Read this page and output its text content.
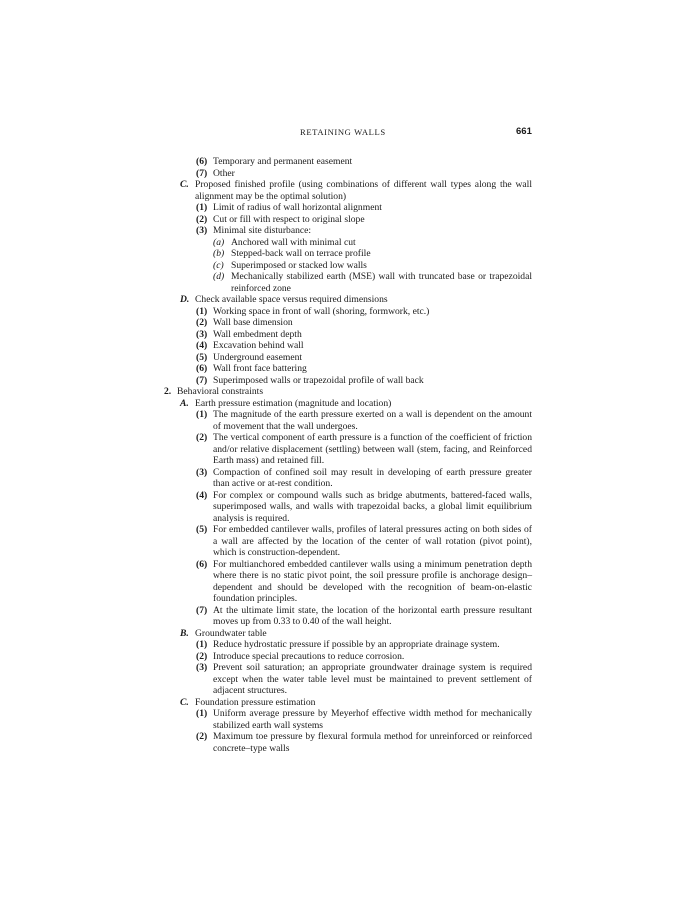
RETAINING WALLS	661
(6) Temporary and permanent easement
(7) Other
C. Proposed finished profile (using combinations of different wall types along the wall alignment may be the optimal solution)
(1) Limit of radius of wall horizontal alignment
(2) Cut or fill with respect to original slope
(3) Minimal site disturbance:
(a) Anchored wall with minimal cut
(b) Stepped-back wall on terrace profile
(c) Superimposed or stacked low walls
(d) Mechanically stabilized earth (MSE) wall with truncated base or trapezoidal reinforced zone
D. Check available space versus required dimensions
(1) Working space in front of wall (shoring, formwork, etc.)
(2) Wall base dimension
(3) Wall embedment depth
(4) Excavation behind wall
(5) Underground easement
(6) Wall front face battering
(7) Superimposed walls or trapezoidal profile of wall back
2. Behavioral constraints
A. Earth pressure estimation (magnitude and location)
(1) The magnitude of the earth pressure exerted on a wall is dependent on the amount of movement that the wall undergoes.
(2) The vertical component of earth pressure is a function of the coefficient of friction and/or relative displacement (settling) between wall (stem, facing, and Reinforced Earth mass) and retained fill.
(3) Compaction of confined soil may result in developing of earth pressure greater than active or at-rest condition.
(4) For complex or compound walls such as bridge abutments, battered-faced walls, superimposed walls, and walls with trapezoidal backs, a global limit equilibrium analysis is required.
(5) For embedded cantilever walls, profiles of lateral pressures acting on both sides of a wall are affected by the location of the center of wall rotation (pivot point), which is construction-dependent.
(6) For multianchored embedded cantilever walls using a minimum penetration depth where there is no static pivot point, the soil pressure profile is anchorage design–dependent and should be developed with the recognition of beam-on-elastic foundation principles.
(7) At the ultimate limit state, the location of the horizontal earth pressure resultant moves up from 0.33 to 0.40 of the wall height.
B. Groundwater table
(1) Reduce hydrostatic pressure if possible by an appropriate drainage system.
(2) Introduce special precautions to reduce corrosion.
(3) Prevent soil saturation; an appropriate groundwater drainage system is required except when the water table level must be maintained to prevent settlement of adjacent structures.
C. Foundation pressure estimation
(1) Uniform average pressure by Meyerhof effective width method for mechanically stabilized earth wall systems
(2) Maximum toe pressure by flexural formula method for unreinforced or reinforced concrete–type walls
